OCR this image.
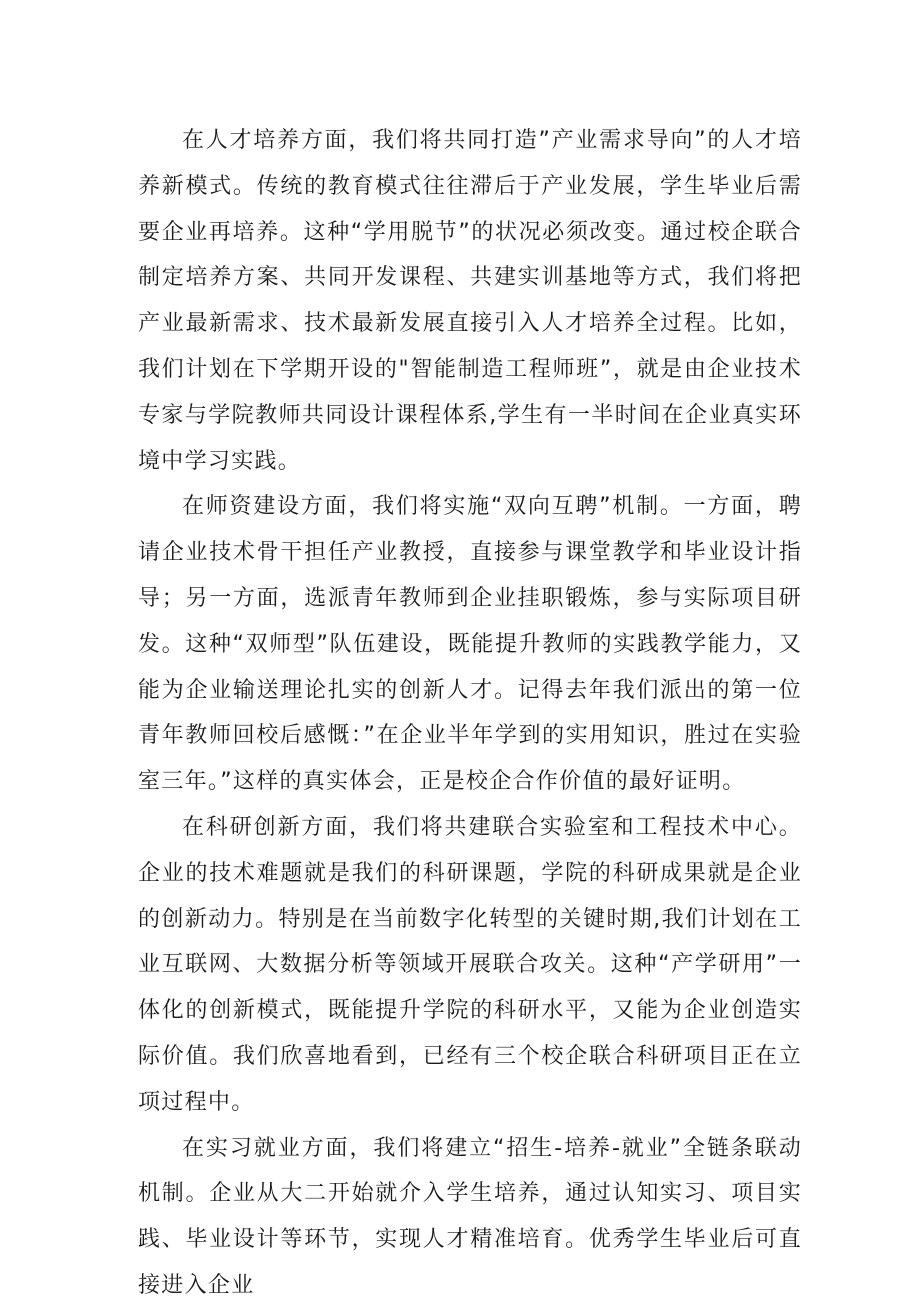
在人才培养方面，我们将共同打造”产业需求导向”的人才培养新模式。传统的教育模式往往滞后于产业发展，学生毕业后需要企业再培养。这种“学用脱节”的状况必须改变。通过校企联合制定培养方案、共同开发课程、共建实训基地等方式，我们将把产业最新需求、技术最新发展直接引入人才培养全过程。比如，我们计划在下学期开设的"智能制造工程师班”，就是由企业技术专家与学院教师共同设计课程体系,学生有一半时间在企业真实环境中学习实践。

在师资建设方面，我们将实施“双向互聘”机制。一方面，聘请企业技术骨干担任产业教授，直接参与课堂教学和毕业设计指导；另一方面，选派青年教师到企业挂职锻炼，参与实际项目研发。这种“双师型”队伍建设，既能提升教师的实践教学能力，又能为企业输送理论扎实的创新人才。记得去年我们派出的第一位青年教师回校后感慨：”在企业半年学到的实用知识，胜过在实验室三年。”这样的真实体会，正是校企合作价值的最好证明。

在科研创新方面，我们将共建联合实验室和工程技术中心。企业的技术难题就是我们的科研课题，学院的科研成果就是企业的创新动力。特别是在当前数字化转型的关键时期,我们计划在工业互联网、大数据分析等领域开展联合攻关。这种“产学研用”一体化的创新模式，既能提升学院的科研水平，又能为企业创造实际价值。我们欣喜地看到，已经有三个校企联合科研项目正在立项过程中。

在实习就业方面，我们将建立“招生-培养-就业”全链条联动机制。企业从大二开始就介入学生培养，通过认知实习、项目实践、毕业设计等环节，实现人才精准培育。优秀学生毕业后可直接进入企业
